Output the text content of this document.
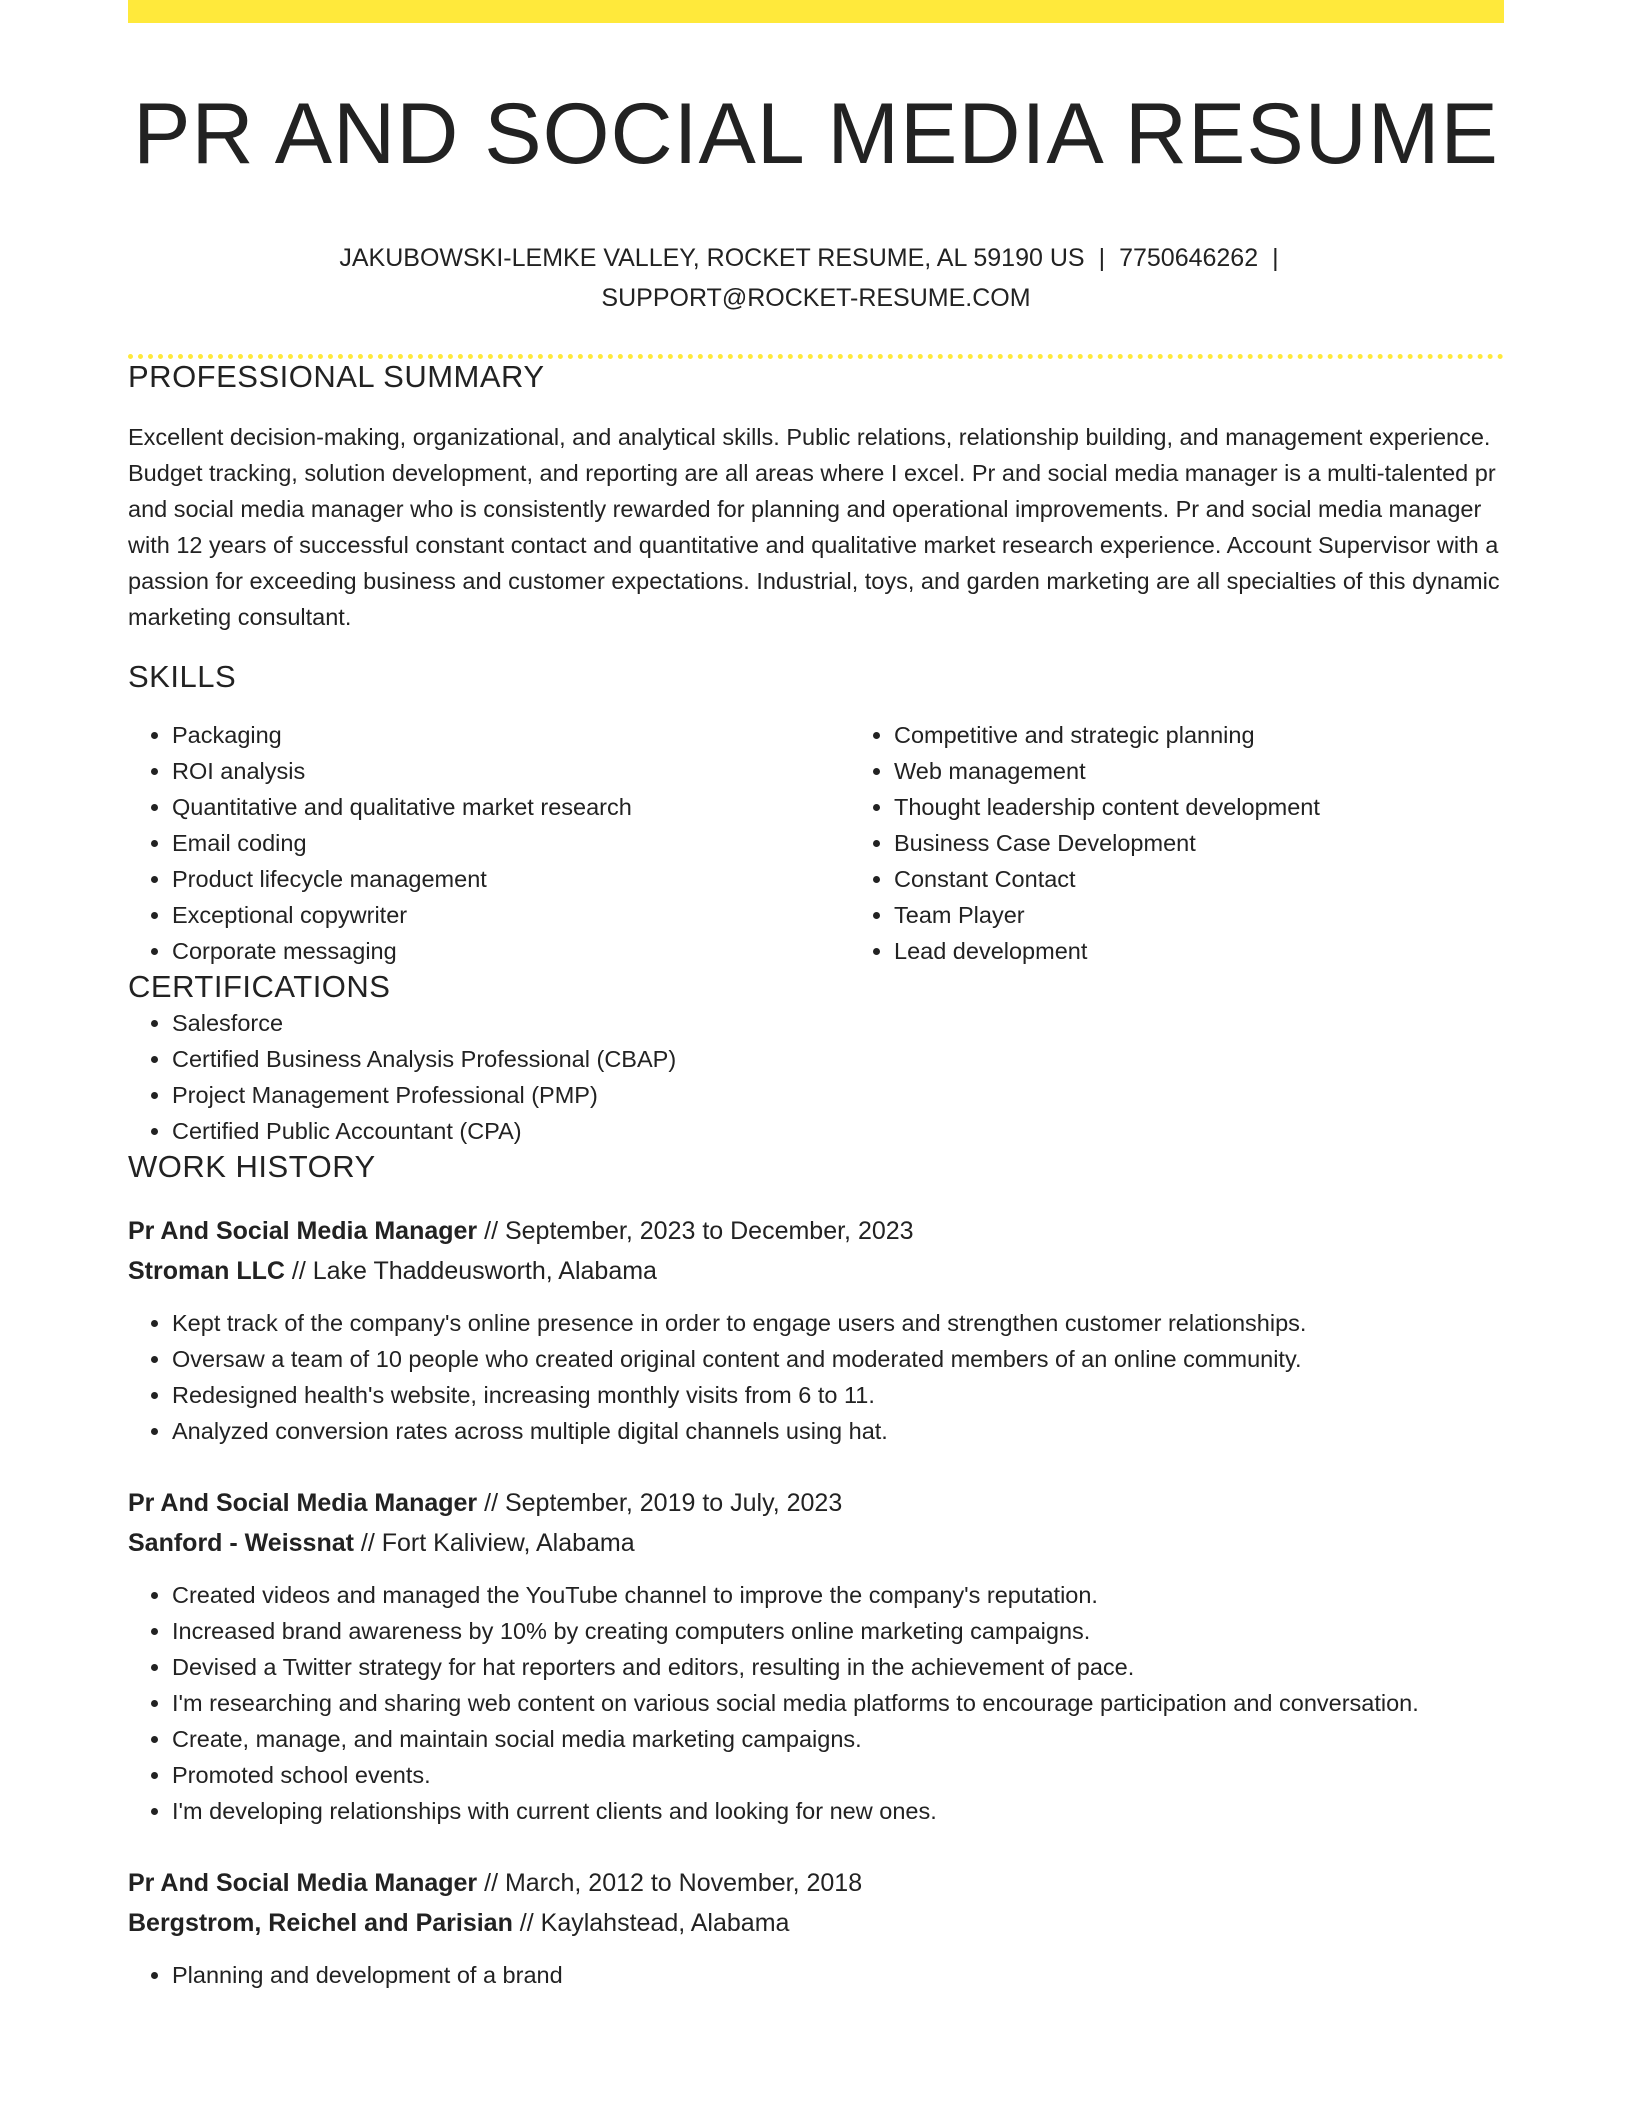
PR AND SOCIAL MEDIA RESUME
JAKUBOWSKI-LEMKE VALLEY, ROCKET RESUME, AL 59190 US | 7750646262 |
SUPPORT@ROCKET-RESUME.COM
PROFESSIONAL SUMMARY

Excellent decision-making, organizational, and analytical skills. Public relations, relationship building, and management experience. Budget tracking, solution development, and reporting are all areas where I excel. Pr and social media manager is a multi-talented pr and social media manager who is consistently rewarded for planning and operational improvements. Pr and social media manager with 12 years of successful constant contact and quantitative and qualitative market research experience. Account Supervisor with a passion for exceeding business and customer expectations. Industrial, toys, and garden marketing are all specialties of this dynamic marketing consultant.

SKILLS
• Packaging
• ROI analysis
• Quantitative and qualitative market research
• Email coding
• Product lifecycle management
• Exceptional copywriter
• Corporate messaging
• Competitive and strategic planning
• Web management
• Thought leadership content development
• Business Case Development
• Constant Contact
• Team Player
• Lead development
CERTIFICATIONS
• Salesforce
• Certified Business Analysis Professional (CBAP)
• Project Management Professional (PMP)
• Certified Public Accountant (CPA)
WORK HISTORY
Pr And Social Media Manager // September, 2023 to December, 2023
Stroman LLC // Lake Thaddeusworth, Alabama
• Kept track of the company's online presence in order to engage users and strengthen customer relationships.
• Oversaw a team of 10 people who created original content and moderated members of an online community.
• Redesigned health's website, increasing monthly visits from 6 to 11.
• Analyzed conversion rates across multiple digital channels using hat.
Pr And Social Media Manager // September, 2019 to July, 2023
Sanford - Weissnat // Fort Kaliview, Alabama
• Created videos and managed the YouTube channel to improve the company's reputation.
• Increased brand awareness by 10% by creating computers online marketing campaigns.
• Devised a Twitter strategy for hat reporters and editors, resulting in the achievement of pace.
• I'm researching and sharing web content on various social media platforms to encourage participation and conversation.
• Create, manage, and maintain social media marketing campaigns.
• Promoted school events.
• I'm developing relationships with current clients and looking for new ones.
Pr And Social Media Manager // March, 2012 to November, 2018
Bergstrom, Reichel and Parisian // Kaylahstead, Alabama
• Planning and development of a brand
